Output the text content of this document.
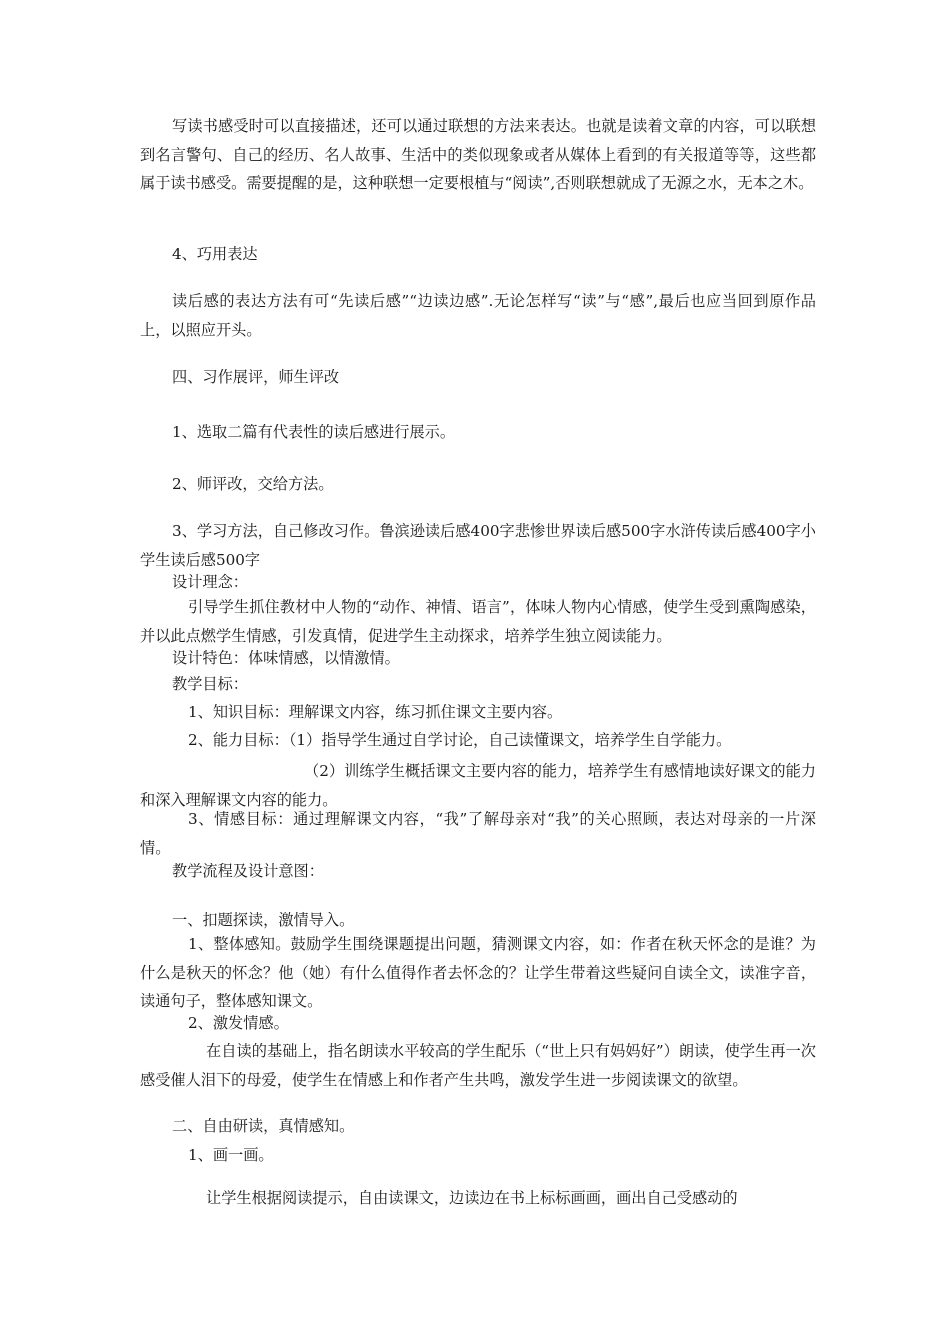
写读书感受时可以直接描述，还可以通过联想的方法来表达。也就是读着文章的内容，可以联想到名言警句、自己的经历、名人故事、生活中的类似现象或者从媒体上看到的有关报道等等，这些都属于读书感受。需要提醒的是，这种联想一定要根植与“阅读”,否则联想就成了无源之水，无本之木。

4、巧用表达

读后感的表达方法有可“先读后感”“边读边感”.无论怎样写“读”与“感”,最后也应当回到原作品上，以照应开头。

四、习作展评，师生评改

1、选取二篇有代表性的读后感进行展示。

2、师评改，交给方法。

3、学习方法，自己修改习作。鲁滨逊读后感400字悲惨世界读后感500字水浒传读后感400字小学生读后感500字

设计理念：

引导学生抓住教材中人物的“动作、神情、语言”，体味人物内心情感，使学生受到熏陶感染，并以此点燃学生情感，引发真情，促进学生主动探求，培养学生独立阅读能力。

设计特色：体味情感，以情激情。

教学目标：

1、知识目标：理解课文内容，练习抓住课文主要内容。

2、能力目标：（1）指导学生通过自学讨论，自己读懂课文，培养学生自学能力。

（2）训练学生概括课文主要内容的能力，培养学生有感情地读好课文的能力和深入理解课文内容的能力。

3、情感目标：通过理解课文内容，“我”了解母亲对“我”的关心照顾，表达对母亲的一片深情。

教学流程及设计意图：

一、扣题探读，激情导入。

1、整体感知。鼓励学生围绕课题提出问题，猜测课文内容，如：作者在秋天怀念的是谁？为什么是秋天的怀念？他（她）有什么值得作者去怀念的？让学生带着这些疑问自读全文，读准字音，读通句子，整体感知课文。

2、激发情感。

在自读的基础上，指名朗读水平较高的学生配乐（“世上只有妈妈好”）朗读，使学生再一次感受催人泪下的母爱，使学生在情感上和作者产生共鸣，激发学生进一步阅读课文的欲望。

二、自由研读，真情感知。

1、画一画。

让学生根据阅读提示，自由读课文，边读边在书上标标画画，画出自己受感动的
